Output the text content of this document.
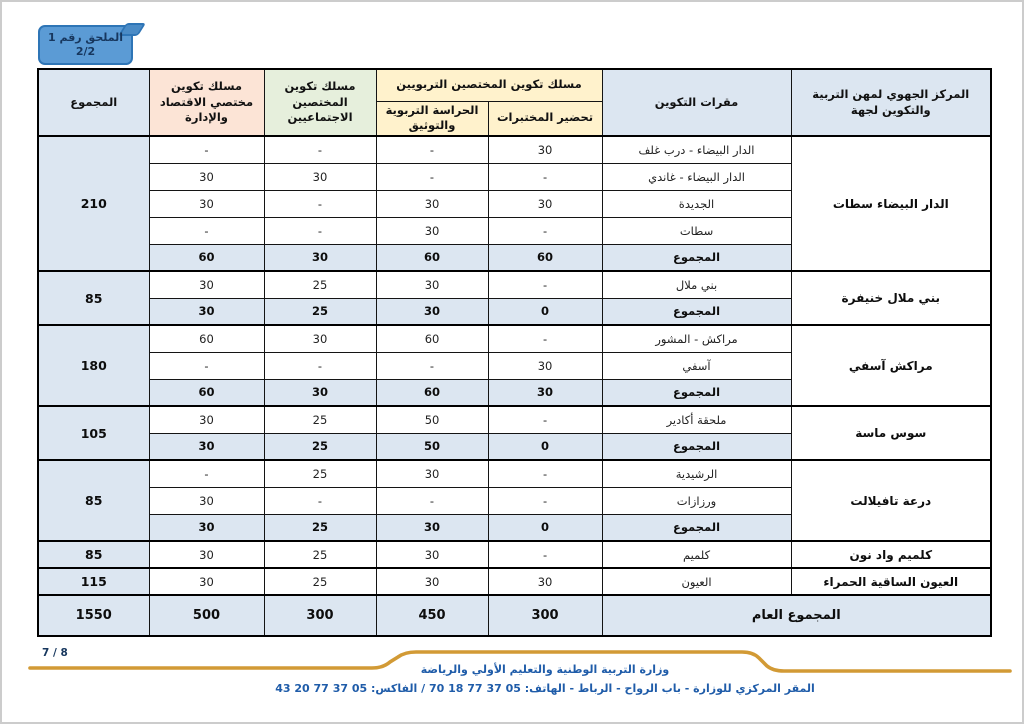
الملحق رقم 1
2/2
المركز الجهوي لمهن التربية والتكوين لجهة	مقرات التكوين	مسلك تكوين المختصين التربويين		مسلك تكوين المختصين الاجتماعيين	مسلك تكوين مختصي الاقتصاد والإدارة	المجموع
		تحضير المختبرات	الحراسة التربوية والتوثيق			
الدار البيضاء سطات	الدار البيضاء - درب غلف	30	-	-	-	210
	الدار البيضاء - غاندي	-	-	30	30	
	الجديدة	30	30	-	30	
	سطات	-	30	-	-	
	المجموع	60	60	30	60	
بني ملال خنيفرة	بني ملال	-	30	25	30	85
	المجموع	0	30	25	30	
مراكش آسفي	مراكش - المشور	-	60	30	60	180
	آسفي	30	-	-	-	
	المجموع	30	60	30	60	
سوس ماسة	ملحقة أكادير	-	50	25	30	105
	المجموع	0	50	25	30	
درعة تافيلالت	الرشيدية	-	30	25	-	85
	ورزازات	-	-	-	30	
	المجموع	0	30	25	30	
كلميم واد نون	كلميم	-	30	25	30	85
العيون الساقية الحمراء	العيون	30	30	25	30	115
المجموع العام		300	450	300	500	1550
7 / 8
وزارة التربية الوطنية والتعليم الأولي والرياضة
المقر المركزي للوزارة - باب الرواح - الرباط - الهاتف: 05 37 77 18 70 / الفاكس: 05 37 77 20 43
